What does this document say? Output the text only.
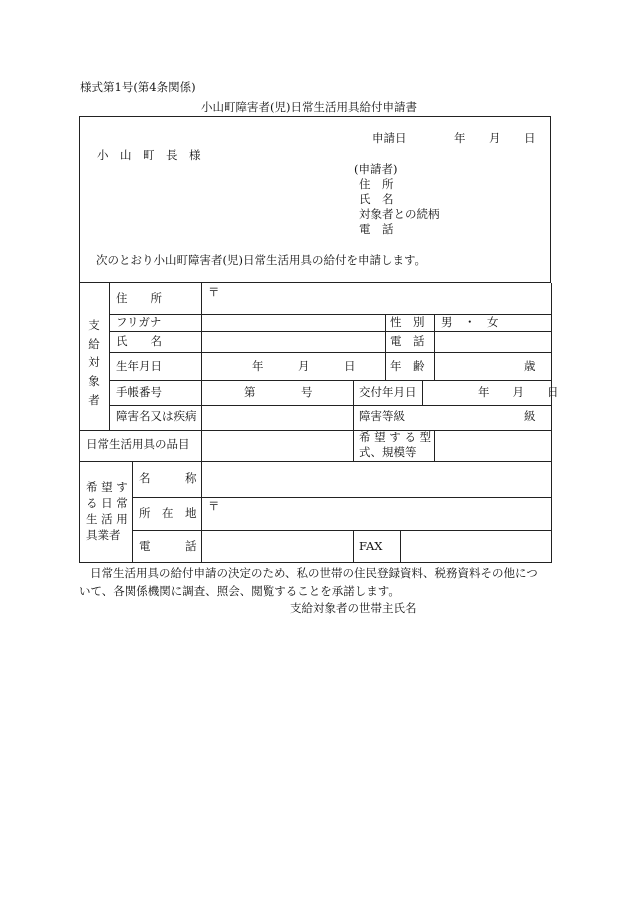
様式第1号(第4条関係)
小山町障害者(児)日常生活用具給付申請書
申請日	年 月 日
小　山　町　長　様
(申請者)
住　所
氏　名
対象者との続柄
電　話
次のとおり小山町障害者(児)日常生活用具の給付を申請します。
支給対象者
住　　所	〒
フリガナ	性　別 男　・　女
氏　　名	電　話
生年月日	年　　　月　　　日	年　齢	歳
手帳番号	第	号	交付年月日	年　　月　　日
障害名又は疾病	障害等級	級
日常生活用具の品目	希 望 す る 型
式、規模等
希 望 す
る 日 常
生 活 用
具業者
名　　　称
所　在　地 〒
電　　　話	FAX
日常生活用具の給付申請の決定のため、私の世帯の住民登録資料、税務資料その他につ
いて、各関係機関に調査、照会、閲覧することを承諾します。
支給対象者の世帯主氏名
